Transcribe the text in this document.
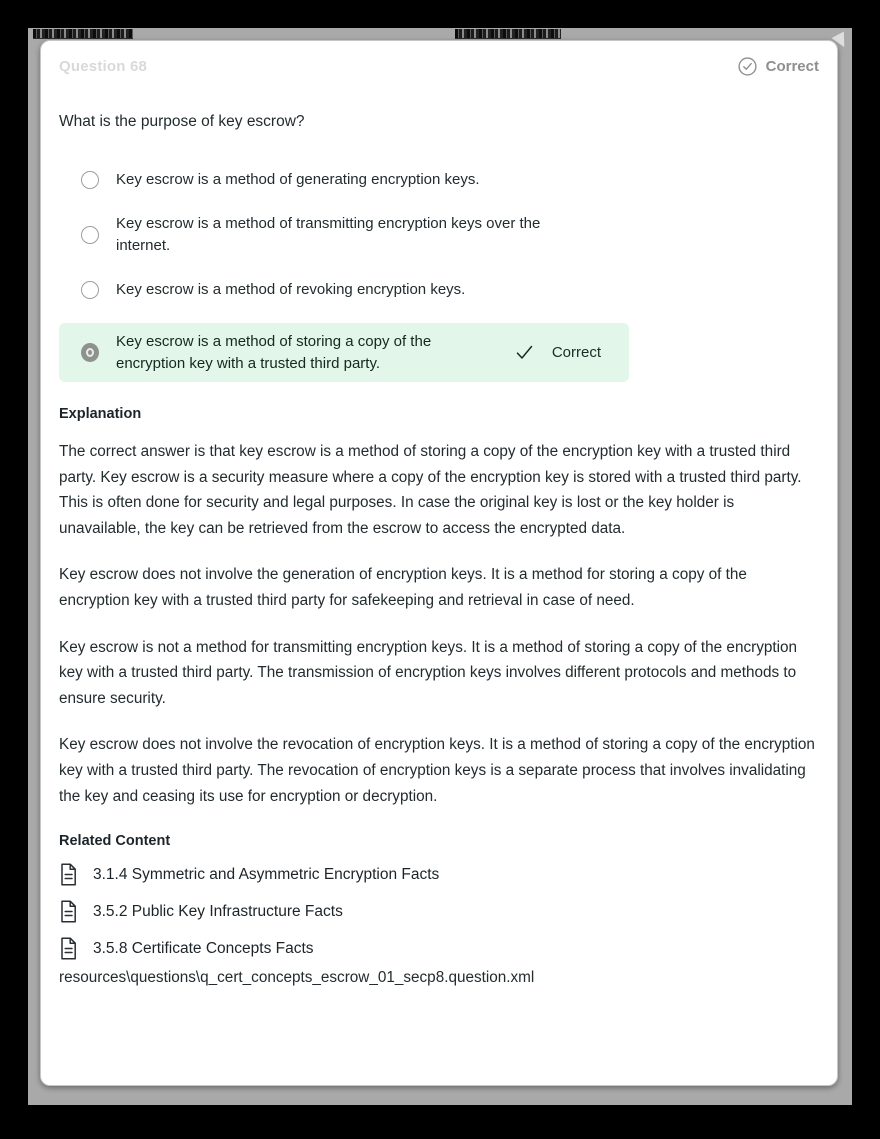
Question 68	Correct
What is the purpose of key escrow?
Key escrow is a method of generating encryption keys.
Key escrow is a method of transmitting encryption keys over the internet.
Key escrow is a method of revoking encryption keys.
Key escrow is a method of storing a copy of the encryption key with a trusted third party.
Correct
Explanation
The correct answer is that key escrow is a method of storing a copy of the encryption key with a trusted third party. Key escrow is a security measure where a copy of the encryption key is stored with a trusted third party. This is often done for security and legal purposes. In case the original key is lost or the key holder is unavailable, the key can be retrieved from the escrow to access the encrypted data.
Key escrow does not involve the generation of encryption keys. It is a method for storing a copy of the encryption key with a trusted third party for safekeeping and retrieval in case of need.
Key escrow is not a method for transmitting encryption keys. It is a method of storing a copy of the encryption key with a trusted third party. The transmission of encryption keys involves different protocols and methods to ensure security.
Key escrow does not involve the revocation of encryption keys. It is a method of storing a copy of the encryption key with a trusted third party. The revocation of encryption keys is a separate process that involves invalidating the key and ceasing its use for encryption or decryption.
Related Content
3.1.4 Symmetric and Asymmetric Encryption Facts
3.5.2 Public Key Infrastructure Facts
3.5.8 Certificate Concepts Facts
resources\questions\q_cert_concepts_escrow_01_secp8.question.xml
